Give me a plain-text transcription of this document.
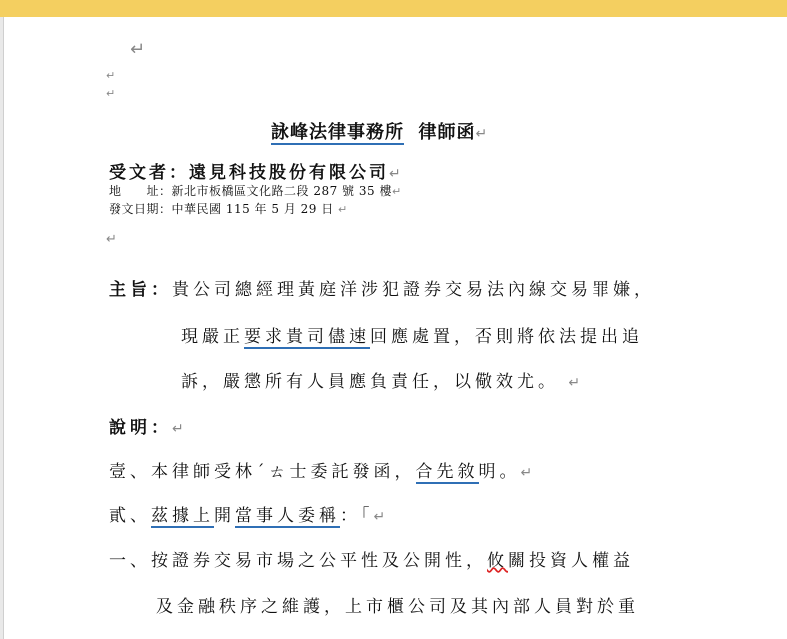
↵
↵
↵
詠峰法律事務所 律師函↵
受文者：遠見科技股份有限公司↵
地　　址：新北市板橋區文化路二段 287 號 35 樓↵
發文日期：中華民國 115 年 5 月 29 日 ↵
↵
主旨：貴公司總經理黃庭洋涉犯證券交易法內線交易罪嫌，
現嚴正要求貴司儘速回應處置，否則將依法提出追
訴，嚴懲所有人員應負責任，以儆效尤。 ↵
說明：↵
壹、本律師受林ˊㄊ士委託發函，合先敘明。↵
貳、茲據上開當事人委稱：「↵
一、按證券交易市場之公平性及公開性，攸關投資人權益
及金融秩序之維護，上市櫃公司及其內部人員對於重
